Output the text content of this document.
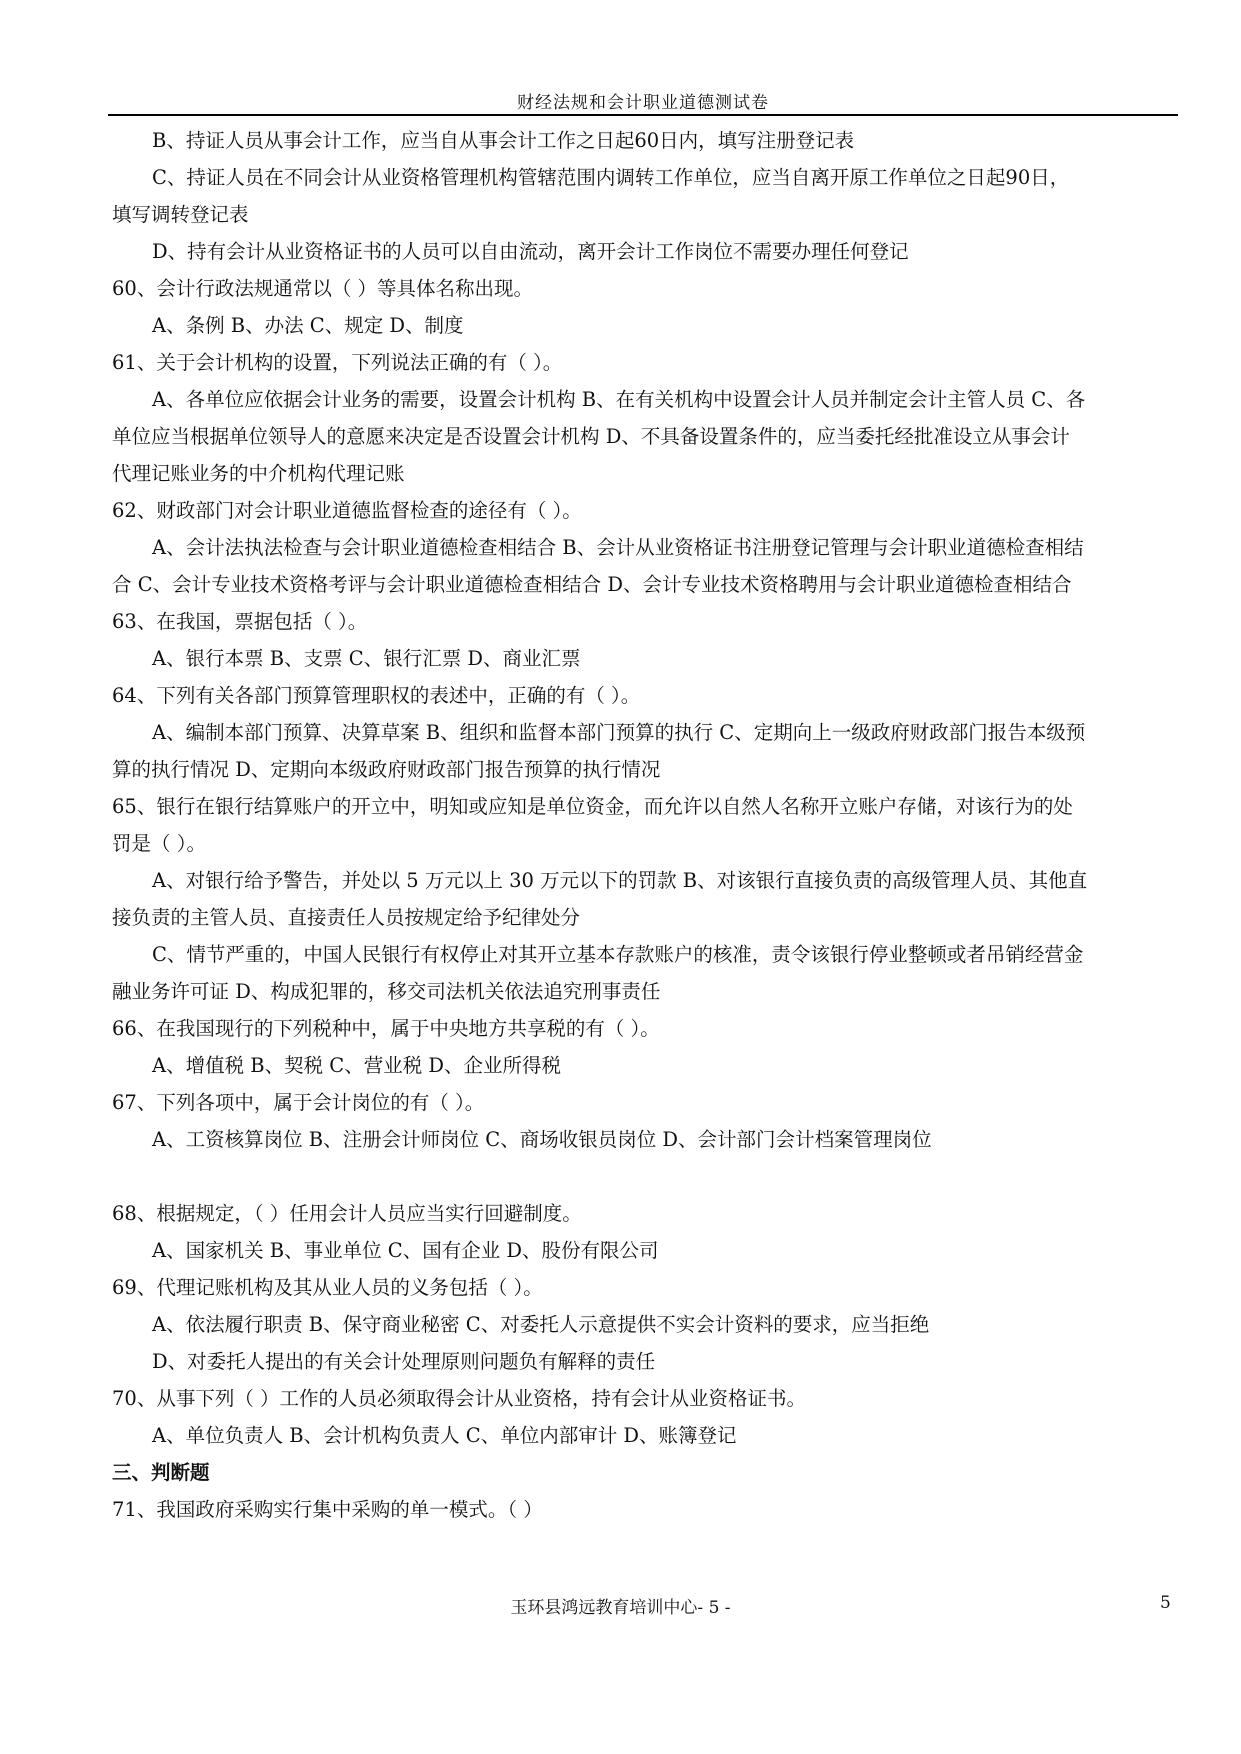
财经法规和会计职业道德测试卷
B、持证人员从事会计工作，应当自从事会计工作之日起60日内，填写注册登记表
C、持证人员在不同会计从业资格管理机构管辖范围内调转工作单位，应当自离开原工作单位之日起90日，
填写调转登记表
D、持有会计从业资格证书的人员可以自由流动，离开会计工作岗位不需要办理任何登记
60、会计行政法规通常以（ ）等具体名称出现。
A、条例 B、办法 C、规定 D、制度
61、关于会计机构的设置，下列说法正确的有（ ）。
A、各单位应依据会计业务的需要，设置会计机构 B、在有关机构中设置会计人员并制定会计主管人员 C、各
单位应当根据单位领导人的意愿来决定是否设置会计机构 D、不具备设置条件的，应当委托经批准设立从事会计
代理记账业务的中介机构代理记账
62、财政部门对会计职业道德监督检查的途径有（ ）。
A、会计法执法检查与会计职业道德检查相结合 B、会计从业资格证书注册登记管理与会计职业道德检查相结
合 C、会计专业技术资格考评与会计职业道德检查相结合 D、会计专业技术资格聘用与会计职业道德检查相结合
63、在我国，票据包括（ ）。
A、银行本票 B、支票 C、银行汇票 D、商业汇票
64、下列有关各部门预算管理职权的表述中，正确的有（ ）。
A、编制本部门预算、决算草案 B、组织和监督本部门预算的执行 C、定期向上一级政府财政部门报告本级预
算的执行情况 D、定期向本级政府财政部门报告预算的执行情况
65、银行在银行结算账户的开立中，明知或应知是单位资金，而允许以自然人名称开立账户存储，对该行为的处
罚是（ ）。
A、对银行给予警告，并处以 5 万元以上 30 万元以下的罚款 B、对该银行直接负责的高级管理人员、其他直
接负责的主管人员、直接责任人员按规定给予纪律处分
C、情节严重的，中国人民银行有权停止对其开立基本存款账户的核准，责令该银行停业整顿或者吊销经营金
融业务许可证 D、构成犯罪的，移交司法机关依法追究刑事责任
66、在我国现行的下列税种中，属于中央地方共享税的有（ ）。
A、增值税 B、契税 C、营业税 D、企业所得税
67、下列各项中，属于会计岗位的有（ ）。
A、工资核算岗位 B、注册会计师岗位 C、商场收银员岗位 D、会计部门会计档案管理岗位
68、根据规定，（ ）任用会计人员应当实行回避制度。
A、国家机关 B、事业单位 C、国有企业 D、股份有限公司
69、代理记账机构及其从业人员的义务包括（ ）。
A、依法履行职责 B、保守商业秘密 C、对委托人示意提供不实会计资料的要求，应当拒绝
D、对委托人提出的有关会计处理原则问题负有解释的责任
70、从事下列（ ）工作的人员必须取得会计从业资格，持有会计从业资格证书。
A、单位负责人 B、会计机构负责人 C、单位内部审计 D、账簿登记
三、判断题
71、我国政府采购实行集中采购的单一模式。（ ）
玉环县鸿远教育培训中心- 5 -	5
